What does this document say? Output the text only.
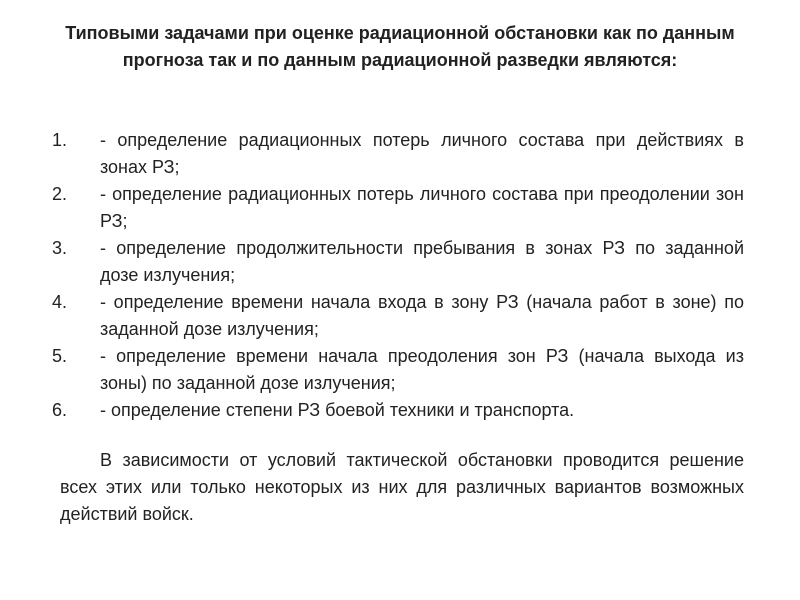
Типовыми задачами при оценке радиационной обстановки как по данным прогноза так и по данным радиационной разведки являются:
1.	- определение радиационных потерь личного состава при действиях в зонах РЗ;
2.	- определение радиационных потерь личного состава при преодолении зон РЗ;
3.	- определение продолжительности пребывания в зонах РЗ по заданной дозе излучения;
4.	- определение времени начала входа в зону РЗ (начала работ в зоне) по заданной дозе излучения;
5.	- определение времени начала преодоления зон РЗ (начала выхода из зоны) по заданной дозе излучения;
6.	- определение степени РЗ боевой техники и транспорта.

В зависимости от условий тактической обстановки проводится решение всех этих или только некоторых из них для различных вариантов возможных действий войск.
